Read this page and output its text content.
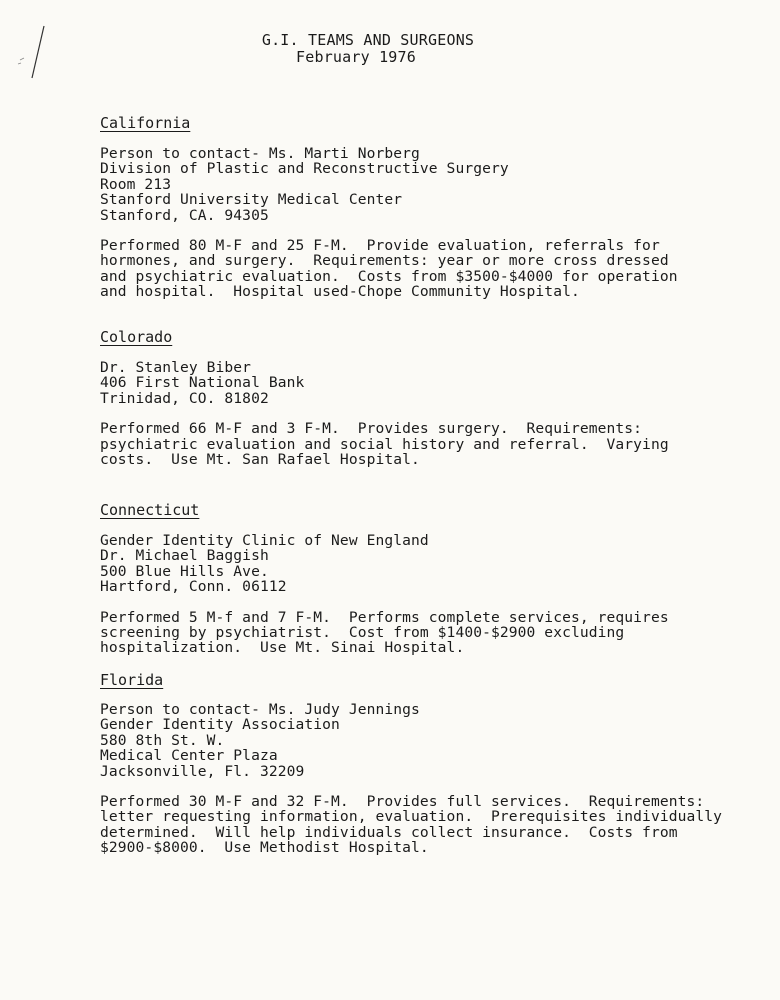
G.I. TEAMS AND SURGEONS
February 1976

California

Person to contact- Ms. Marti Norberg

Division of Plastic and Reconstructive Surgery

Room 213

Stanford University Medical Center

Stanford, CA. 94305

Performed 80 M-F and 25 F-M.  Provide evaluation, referrals for

hormones, and surgery.  Requirements: year or more cross dressed

and psychiatric evaluation.  Costs from $3500-$4000 for operation

and hospital.  Hospital used-Chope Community Hospital.

Colorado

Dr. Stanley Biber

406 First National Bank

Trinidad, CO. 81802

Performed 66 M-F and 3 F-M.  Provides surgery.  Requirements:

psychiatric evaluation and social history and referral.  Varying

costs.  Use Mt. San Rafael Hospital.

Connecticut

Gender Identity Clinic of New England

Dr. Michael Baggish

500 Blue Hills Ave.

Hartford, Conn. 06112

Performed 5 M-f and 7 F-M.  Performs complete services, requires

screening by psychiatrist.  Cost from $1400-$2900 excluding

hospitalization.  Use Mt. Sinai Hospital.

Florida

Person to contact- Ms. Judy Jennings

Gender Identity Association

580 8th St. W.

Medical Center Plaza

Jacksonville, Fl. 32209

Performed 30 M-F and 32 F-M.  Provides full services.  Requirements:

letter requesting information, evaluation.  Prerequisites individually

determined.  Will help individuals collect insurance.  Costs from

$2900-$8000.  Use Methodist Hospital.
